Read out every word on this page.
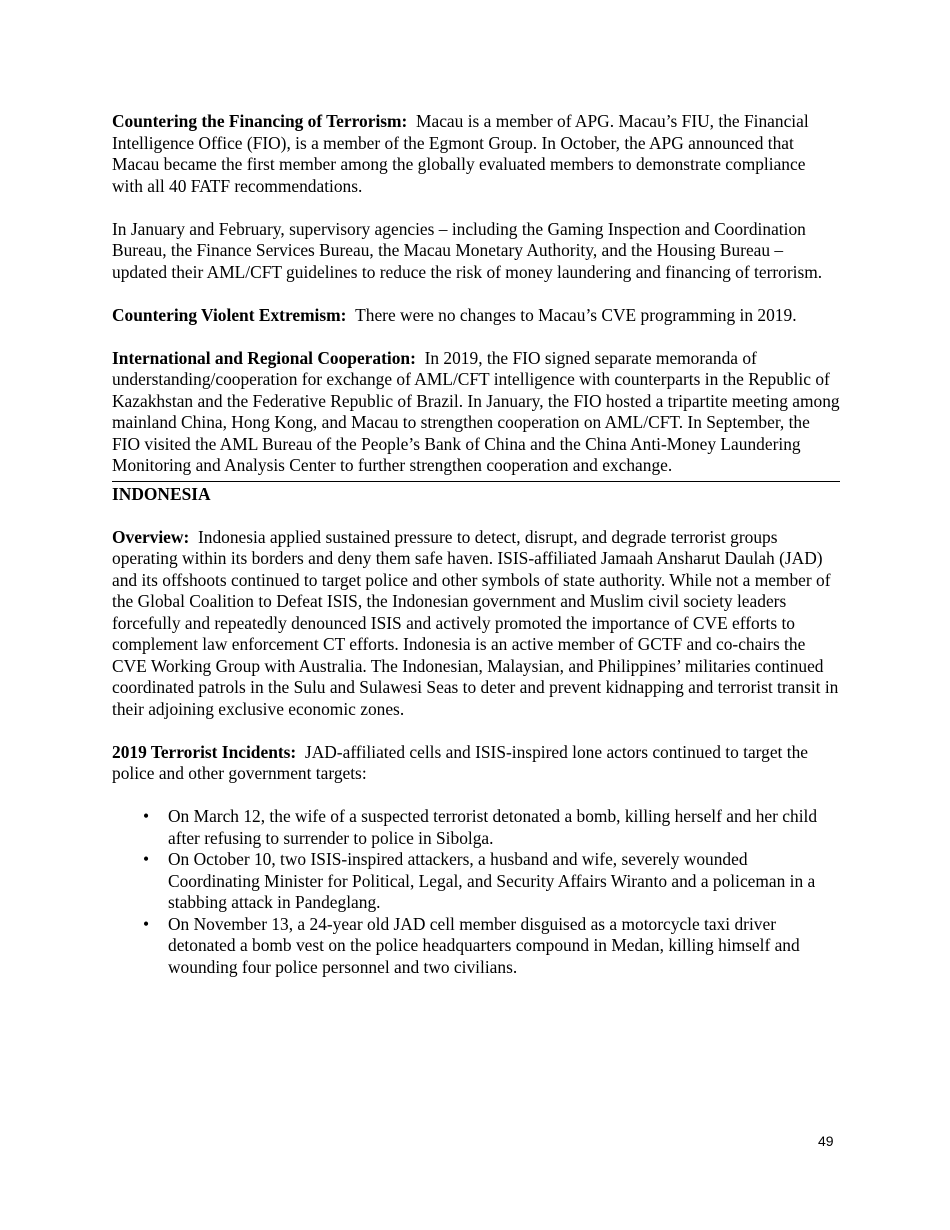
Countering the Financing of Terrorism: Macau is a member of APG. Macau’s FIU, the Financial Intelligence Office (FIO), is a member of the Egmont Group. In October, the APG announced that Macau became the first member among the globally evaluated members to demonstrate compliance with all 40 FATF recommendations.

In January and February, supervisory agencies – including the Gaming Inspection and Coordination Bureau, the Finance Services Bureau, the Macau Monetary Authority, and the Housing Bureau – updated their AML/CFT guidelines to reduce the risk of money laundering and financing of terrorism.

Countering Violent Extremism: There were no changes to Macau’s CVE programming in 2019.

International and Regional Cooperation: In 2019, the FIO signed separate memoranda of understanding/cooperation for exchange of AML/CFT intelligence with counterparts in the Republic of Kazakhstan and the Federative Republic of Brazil. In January, the FIO hosted a tripartite meeting among mainland China, Hong Kong, and Macau to strengthen cooperation on AML/CFT. In September, the FIO visited the AML Bureau of the People’s Bank of China and the China Anti-Money Laundering Monitoring and Analysis Center to further strengthen cooperation and exchange.

INDONESIA

Overview: Indonesia applied sustained pressure to detect, disrupt, and degrade terrorist groups operating within its borders and deny them safe haven. ISIS-affiliated Jamaah Ansharut Daulah (JAD) and its offshoots continued to target police and other symbols of state authority. While not a member of the Global Coalition to Defeat ISIS, the Indonesian government and Muslim civil society leaders forcefully and repeatedly denounced ISIS and actively promoted the importance of CVE efforts to complement law enforcement CT efforts. Indonesia is an active member of GCTF and co-chairs the CVE Working Group with Australia. The Indonesian, Malaysian, and Philippines’ militaries continued coordinated patrols in the Sulu and Sulawesi Seas to deter and prevent kidnapping and terrorist transit in their adjoining exclusive economic zones.

2019 Terrorist Incidents: JAD-affiliated cells and ISIS-inspired lone actors continued to target the police and other government targets:

• On March 12, the wife of a suspected terrorist detonated a bomb, killing herself and her child after refusing to surrender to police in Sibolga.
• On October 10, two ISIS-inspired attackers, a husband and wife, severely wounded Coordinating Minister for Political, Legal, and Security Affairs Wiranto and a policeman in a stabbing attack in Pandeglang.
• On November 13, a 24-year old JAD cell member disguised as a motorcycle taxi driver detonated a bomb vest on the police headquarters compound in Medan, killing himself and wounding four police personnel and two civilians.
49
